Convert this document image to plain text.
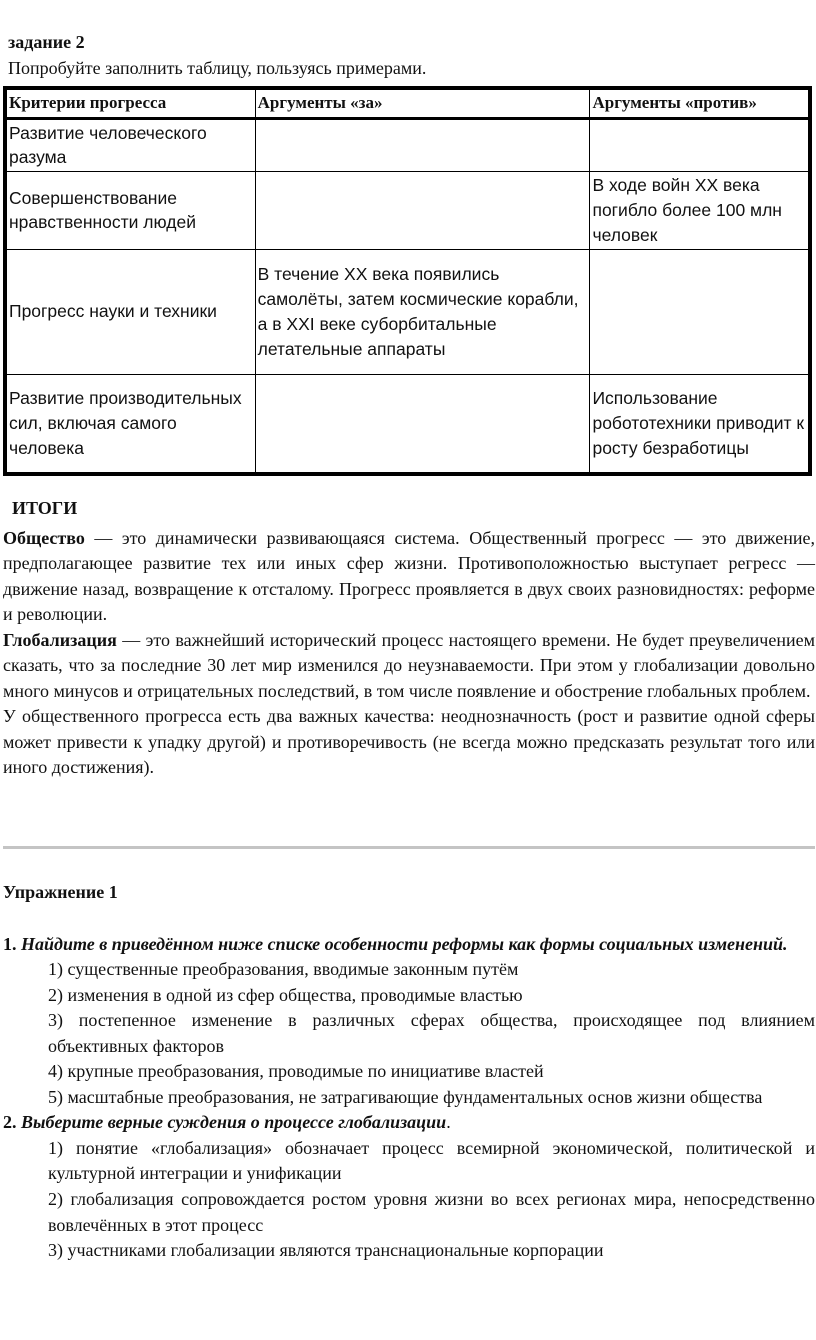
задание 2
Попробуйте заполнить таблицу, пользуясь примерами.
Критерии прогресса	Аргументы «за»	Аргументы «против»
Развитие человеческого разума		
Совершенствование нравственности людей		В ходе войн XX века погибло более 100 млн человек
Прогресс науки и техники	В течение XX века появились самолёты, затем космические корабли, а в XXI веке суборбитальные летательные аппараты	
Развитие производительных сил, включая самого человека		Использование робототехники приводит к росту безработицы
ИТОГИ

Общество — это динамически развивающаяся система. Общественный прогресс — это движение, предполагающее развитие тех или иных сфер жизни. Противоположностью выступает регресс — движение назад, возвращение к отсталому. Прогресс проявляется в двух своих разновидностях: реформе и революции.

Глобализация — это важнейший исторический процесс настоящего времени. Не будет преувеличением сказать, что за последние 30 лет мир изменился до неузнаваемости. При этом у глобализации довольно много минусов и отрицательных последствий, в том числе появление и обострение глобальных проблем.

У общественного прогресса есть два важных качества: неоднозначность (рост и развитие одной сферы может привести к упадку другой) и противоречивость (не всегда можно предсказать результат того или иного достижения).

Упражнение 1
1. Найдите в приведённом ниже списке особенности реформы как формы социальных изменений.
1) существенные преобразования, вводимые законным путём
2) изменения в одной из сфер общества, проводимые властью
3) постепенное изменение в различных сферах общества, происходящее под влиянием объективных факторов
4) крупные преобразования, проводимые по инициативе властей
5) масштабные преобразования, не затрагивающие фундаментальных основ жизни общества
2. Выберите верные суждения о процессе глобализации.
1) понятие «глобализация» обозначает процесс всемирной экономической, политической и культурной интеграции и унификации
2) глобализация сопровождается ростом уровня жизни во всех регионах мира, непосредственно вовлечённых в этот процесс
3) участниками глобализации являются транснациональные корпорации
